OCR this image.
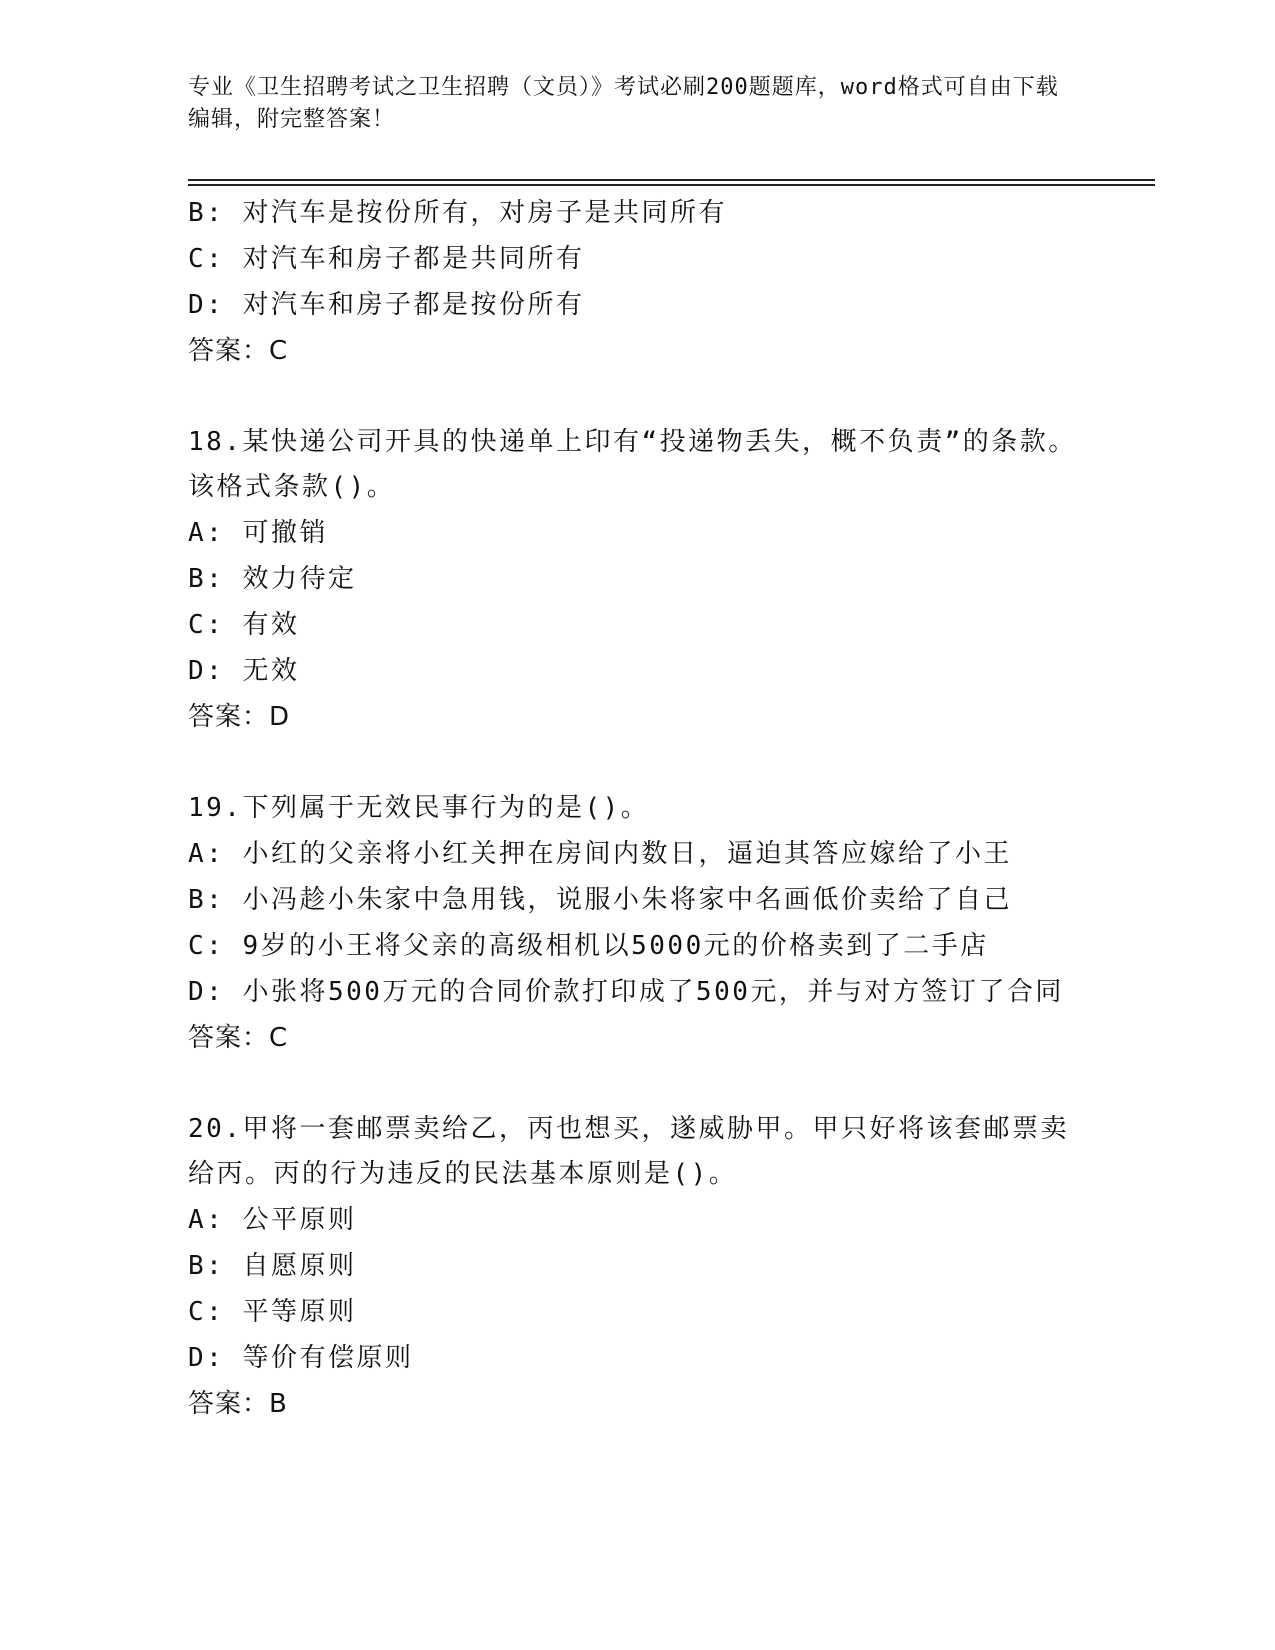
专业《卫生招聘考试之卫生招聘（文员）》考试必刷200题题库，word格式可自由下载编辑，附完整答案！
B: 对汽车是按份所有，对房子是共同所有
C: 对汽车和房子都是共同所有
D: 对汽车和房子都是按份所有
答案：C
18.某快递公司开具的快递单上印有“投递物丢失，概不负责”的条款。该格式条款()。
A: 可撤销
B: 效力待定
C: 有效
D: 无效
答案：D
19.下列属于无效民事行为的是()。
A: 小红的父亲将小红关押在房间内数日，逼迫其答应嫁给了小王
B: 小冯趁小朱家中急用钱，说服小朱将家中名画低价卖给了自己
C: 9岁的小王将父亲的高级相机以5000元的价格卖到了二手店
D: 小张将500万元的合同价款打印成了500元，并与对方签订了合同
答案：C
20.甲将一套邮票卖给乙，丙也想买，遂威胁甲。甲只好将该套邮票卖给丙。丙的行为违反的民法基本原则是()。
A: 公平原则
B: 自愿原则
C: 平等原则
D: 等价有偿原则
答案：B
